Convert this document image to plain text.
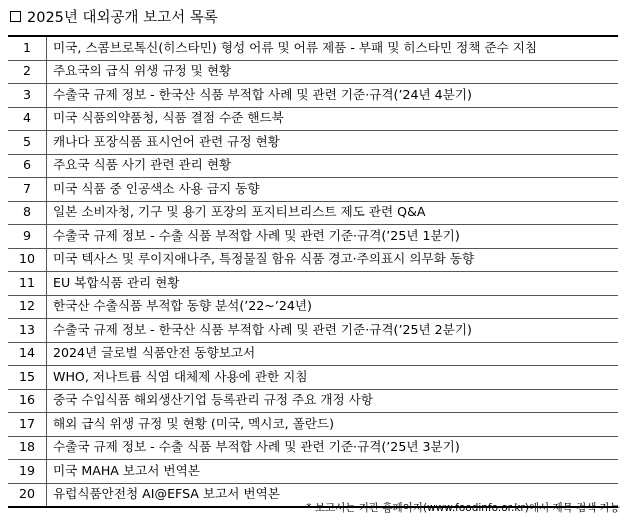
2025년 대외공개 보고서 목록
1	미국, 스콤브로톡신(히스타민) 형성 어류 및 어류 제품 - 부패 및 히스타민 정책 준수 지침
2	주요국의 급식 위생 규정 및 현황
3	수출국 규제 정보 - 한국산 식품 부적합 사례 및 관련 기준·규격(’24년 4분기)
4	미국 식품의약품청, 식품 결점 수준 핸드북
5	캐나다 포장식품 표시언어 관련 규정 현황
6	주요국 식품 사기 관련 관리 현황
7	미국 식품 중 인공색소 사용 금지 동향
8	일본 소비자청, 기구 및 용기 포장의 포지티브리스트 제도 관련 Q&A
9	수출국 규제 정보 - 수출 식품 부적합 사례 및 관련 기준·규격(’25년 1분기)
10	미국 텍사스 및 루이지애나주, 특정물질 함유 식품 경고·주의표시 의무화 동향
11	EU 복합식품 관리 현황
12	한국산 수출식품 부적합 동향 분석(’22~’24년)
13	수출국 규제 정보 - 한국산 식품 부적합 사례 및 관련 기준·규격(’25년 2분기)
14	2024년 글로벌 식품안전 동향보고서
15	WHO, 저나트륨 식염 대체제 사용에 관한 지침
16	중국 수입식품 해외생산기업 등록관리 규정 주요 개정 사항
17	해외 급식 위생 규정 및 현황 (미국, 멕시코, 폴란드)
18	수출국 규제 정보 - 수출 식품 부적합 사례 및 관련 기준·규격(’25년 3분기)
19	미국 MAHA 보고서 번역본
20	유럽식품안전청 AI@EFSA 보고서 번역본
* 보고서는 기관 홈페이지(www.foodinfo.or.kr)에서 제목 검색 가능
